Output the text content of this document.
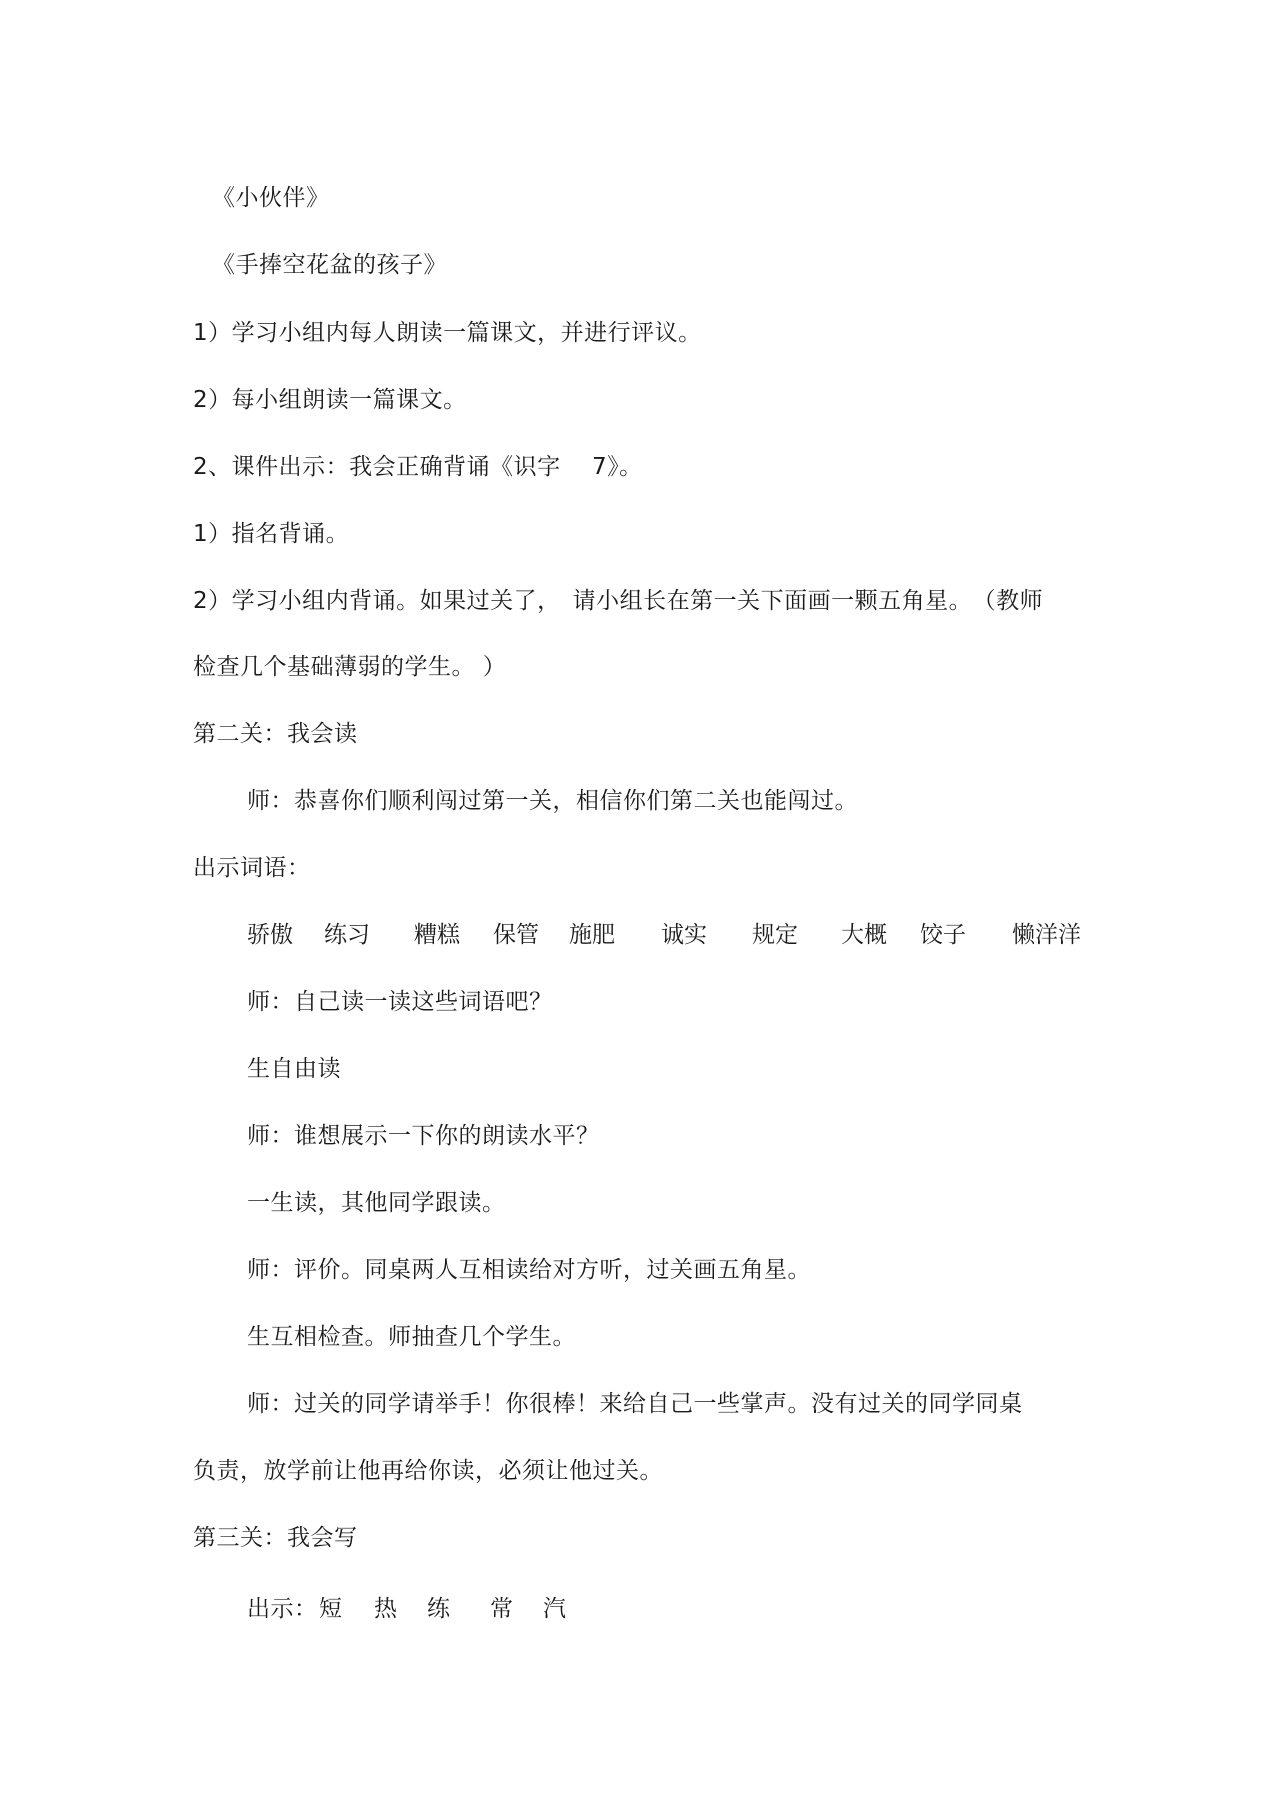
《小伙伴》
《手捧空花盆的孩子》
1）学习小组内每人朗读一篇课文，并进行评议。
2）每小组朗读一篇课文。
2、课件出示：我会正确背诵《识字　 7》。
1）指名背诵。
2）学习小组内背诵。如果过关了，　请小组长在第一关下面画一颗五角星。　（教师
检查几个基础薄弱的学生。 ）
第二关：我会读
师：恭喜你们顺利闯过第一关，相信你们第二关也能闯过。
出示词语：
骄傲 练习 糟糕 保管 施肥 诚实 规定 大概 饺子 懒洋洋
师：自己读一读这些词语吧？
生自由读
师：谁想展示一下你的朗读水平？
一生读，其他同学跟读。
师：评价。同桌两人互相读给对方听，过关画五角星。
生互相检查。师抽查几个学生。
师：过关的同学请举手！你很棒！来给自己一些掌声。没有过关的同学同桌
负责，放学前让他再给你读，必须让他过关。
第三关：我会写
出示： 短 热 练 常 汽
